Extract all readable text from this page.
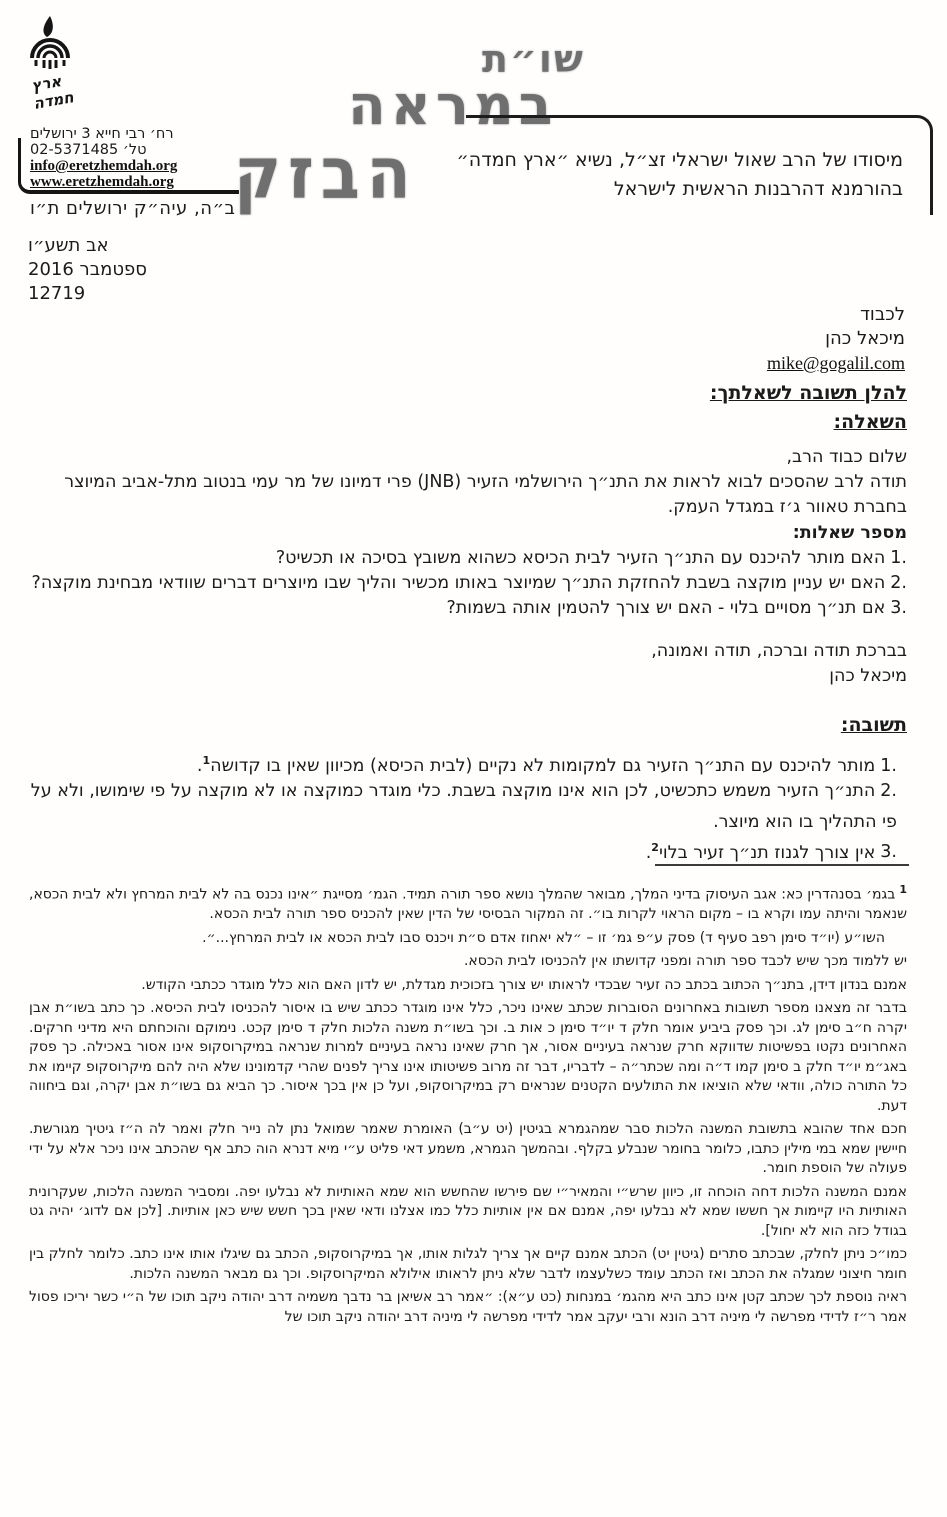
ארץ
חמדה
רח׳ רבי חייא 3 ירושלים
טל׳ 02-5371485
info@eretzhemdah.org
www.eretzhemdah.org
ב״ה, עיה״ק ירושלים ת״ו
שו״ת
במראה
הבזק מיסודו של הרב שאול ישראלי זצ״ל, נשיא ״ארץ חמדה״
בהורמנא דהרבנות הראשית לישראל
אב תשע״ו
ספטמבר 2016
12719
לכבוד
מיכאל כהן
mike@gogalil.com

להלן תשובה לשאלתך:

השאלה:

שלום כבוד הרב,

תודה לרב שהסכים לבוא לראות את התנ״ך הירושלמי הזעיר (JNB) פרי דמיונו של מר עמי בנטוב מתל-אביב המיוצר בחברת טאוור ג׳ז במגדל העמק.

מספר שאלות:

1.האם מותר להיכנס עם התנ״ך הזעיר לבית הכיסא כשהוא משובץ בסיכה או תכשיט?

2.האם יש עניין מוקצה בשבת להחזקת התנ״ך שמיוצר באותו מכשיר והליך שבו מיוצרים דברים שוודאי מבחינת מוקצה?

3.אם תנ״ך מסויים בלוי - האם יש צורך להטמין אותה בשמות?

בברכת תודה וברכה, תודה ואמונה,

מיכאל כהן

תשובה:

1.מותר להיכנס עם התנ״ך הזעיר גם למקומות לא נקיים (לבית הכיסא) מכיוון שאין בו קדושה$^1$.

2.התנ״ך הזעיר משמש כתכשיט, לכן הוא אינו מוקצה בשבת. כלי מוגדר כמוקצה או לא מוקצה על פי שימושו, ולא על פי התהליך בו הוא מיוצר.

3.אין צורך לגנוז תנ״ך זעיר בלוי$^2$.

$^1$בגמ׳ בסנהדרין כא: אגב העיסוק בדיני המלך, מבואר שהמלך נושא ספר תורה תמיד. הגמ׳ מסייגת ״אינו נכנס בה לא לבית המרחץ ולא לבית הכסא, שנאמר והיתה עמו וקרא בו – מקום הראוי לקרות בו״. זה המקור הבסיסי של הדין שאין להכניס ספר תורה לבית הכסא.

השו״ע (יו״ד סימן רפב סעיף ד) פסק ע״פ גמ׳ זו – ״לא יאחוז אדם ס״ת ויכנס סבו לבית הכסא או לבית המרחץ...״.

יש ללמוד מכך שיש לכבד ספר תורה ומפני קדושתו אין להכניסו לבית הכסא.

אמנם בנדון דידן, בתנ״ך הכתוב בכתב כה זעיר שבכדי לראותו יש צורך בזכוכית מגדלת, יש לדון האם הוא כלל מוגדר ככתבי הקודש.

בדבר זה מצאנו מספר תשובות באחרונים הסוברות שכתב שאינו ניכר, כלל אינו מוגדר ככתב שיש בו איסור להכניסו לבית הכיסא. כך כתב בשו״ת אבן יקרה ח״ב סימן לג. וכך פסק ביביע אומר חלק ד יו״ד סימן כ אות ב. וכך בשו״ת משנה הלכות חלק ד סימן קכט. נימוקם והוכחתם היא מדיני חרקים. האחרונים נקטו בפשיטות שדווקא חרק שנראה בעיניים אסור, אך חרק שאינו נראה בעיניים למרות שנראה במיקרוסקופ אינו אסור באכילה. כך פסק באג״מ יו״ד חלק ב סימן קמו ד״ה ומה שכתר״ה – לדבריו, דבר זה מרוב פשיטותו אינו צריך לפנים שהרי קדמונינו שלא היה להם מיקרוסקופ קיימו את כל התורה כולה, וודאי שלא הוציאו את התולעים הקטנים שנראים רק במיקרוסקופ, ועל כן אין בכך איסור. כך הביא גם בשו״ת אבן יקרה, וגם ביחווה דעת.

חכם אחד שהובא בתשובת המשנה הלכות סבר שמהגמרא בגיטין (יט ע״ב) האומרת שאמר שמואל נתן לה נייר חלק ואמר לה ה״ז גיטיך מגורשת. חיישין שמא במי מילין כתבו, כלומר בחומר שנבלע בקלף. ובהמשך הגמרא, משמע דאי פליט ע״י מיא דנרא הוה כתב אף שהכתב אינו ניכר אלא על ידי פעולה של הוספת חומר.

אמנם המשנה הלכות דחה הוכחה זו, כיוון שרש״י והמאיר״י שם פירשו שהחשש הוא שמא האותיות לא נבלעו יפה. ומסביר המשנה הלכות, שעקרונית האותיות היו קיימות אך חששו שמא לא נבלעו יפה, אמנם אם אין אותיות כלל כמו אצלנו ודאי שאין בכך חשש שיש כאן אותיות. [לכן אם לדוג׳ יהיה גט בגודל כזה הוא לא יחול].

כמו״כ ניתן לחלק, שבכתב סתרים (גיטין יט) הכתב אמנם קיים אך צריך לגלות אותו, אך במיקרוסקופ, הכתב גם שיגלו אותו אינו כתב. כלומר לחלק בין חומר חיצוני שמגלה את הכתב ואז הכתב עומד כשלעצמו לדבר שלא ניתן לראותו אילולא המיקרוסקופ. וכך גם מבאר המשנה הלכות.

ראיה נוספת לכך שכתב קטן אינו כתב היא מהגמ׳ במנחות (כט ע״א): ״אמר רב אשיאן בר נדבך משמיה דרב יהודה ניקב תוכו של ה״י כשר יריכו פסול אמר ר״ז לדידי מפרשה לי מיניה דרב הונא ורבי יעקב אמר לדידי מפרשה לי מיניה דרב יהודה ניקב תוכו של
